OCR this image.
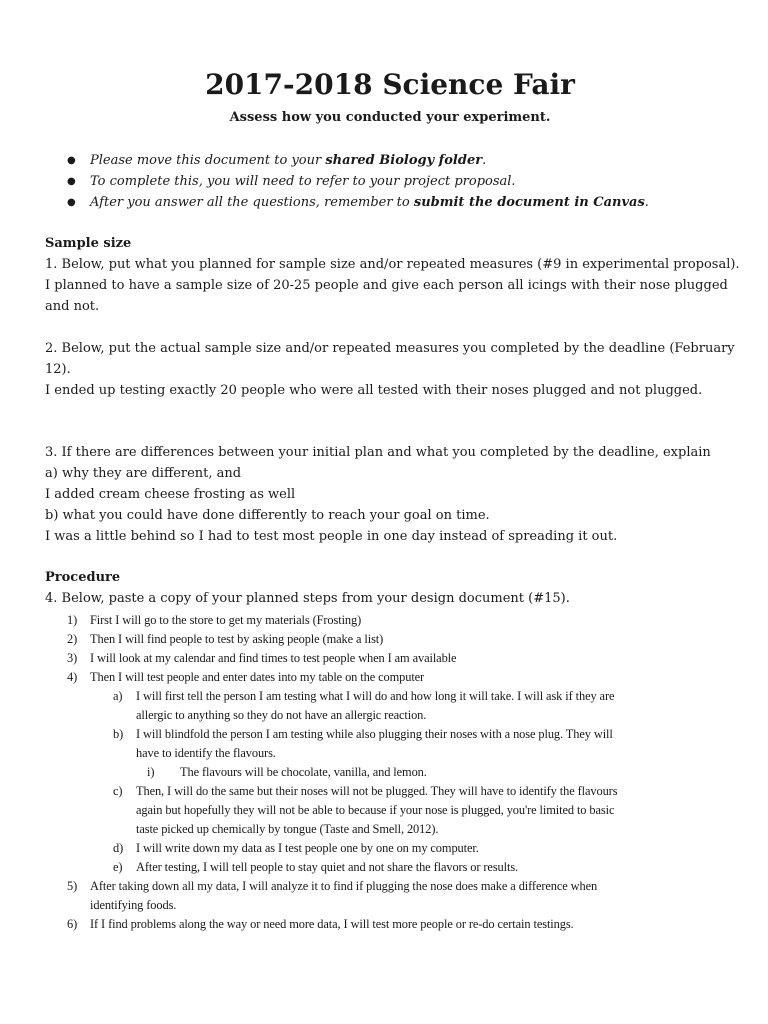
2017-2018 Science Fair
Assess how you conducted your experiment.
● Please move this document to your shared Biology folder.
● To complete this, you will need to refer to your project proposal.
● After you answer all the questions, remember to submit the document in Canvas.
Sample size
1. Below, put what you planned for sample size and/or repeated measures (#9 in experimental proposal).
I planned to have a sample size of 20-25 people and give each person all icings with their nose plugged
and not.
2. Below, put the actual sample size and/or repeated measures you completed by the deadline (February
12).
I ended up testing exactly 20 people who were all tested with their noses plugged and not plugged.
3. If there are differences between your initial plan and what you completed by the deadline, explain
a) why they are different, and
I added cream cheese frosting as well
b) what you could have done differently to reach your goal on time.
I was a little behind so I had to test most people in one day instead of spreading it out.
Procedure
4. Below, paste a copy of your planned steps from your design document (#15).
1) First I will go to the store to get my materials (Frosting)
2) Then I will find people to test by asking people (make a list)
3) I will look at my calendar and find times to test people when I am available
4) Then I will test people and enter dates into my table on the computer
a) I will first tell the person I am testing what I will do and how long it will take. I will ask if they are
allergic to anything so they do not have an allergic reaction.
b) I will blindfold the person I am testing while also plugging their noses with a nose plug. They will
have to identify the flavours.
i) The flavours will be chocolate, vanilla, and lemon.
c) Then, I will do the same but their noses will not be plugged. They will have to identify the flavours
again but hopefully they will not be able to because if your nose is plugged, you're limited to basic
taste picked up chemically by tongue (Taste and Smell, 2012).
d) I will write down my data as I test people one by one on my computer.
e) After testing, I will tell people to stay quiet and not share the flavors or results.
5) After taking down all my data, I will analyze it to find if plugging the nose does make a difference when
identifying foods.
6) If I find problems along the way or need more data, I will test more people or re-do certain testings.
